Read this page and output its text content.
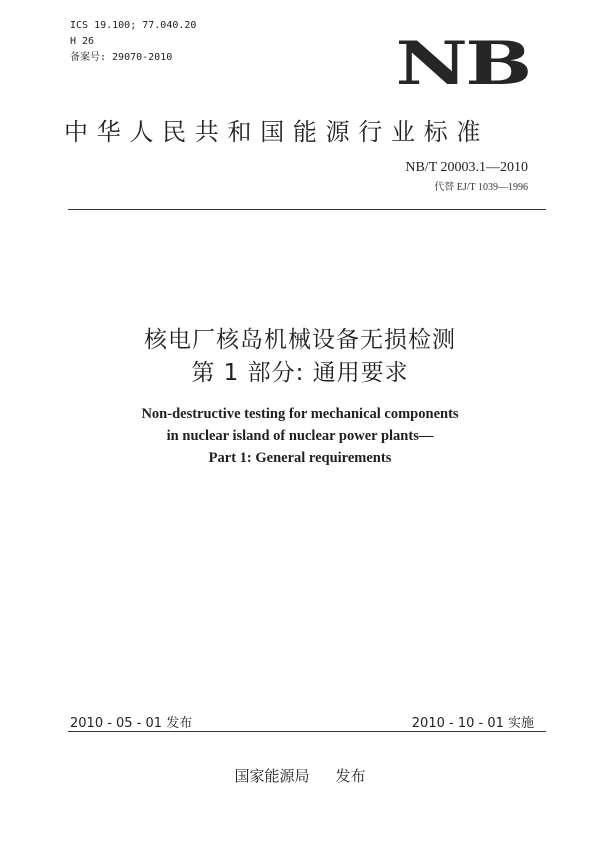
ICS 19.100; 77.040.20
H 26
备案号: 29070-2010	NB
中华人民共和国能源行业标准
NB/T 20003.1—2010
代替 EJ/T 1039—1996
核电厂核岛机械设备无损检测
第 1 部分: 通用要求
Non-destructive testing for mechanical components
in nuclear island of nuclear power plants—
Part 1: General requirements
2010 - 05 - 01 发布	2010 - 10 - 01 实施
国家能源局 发布
